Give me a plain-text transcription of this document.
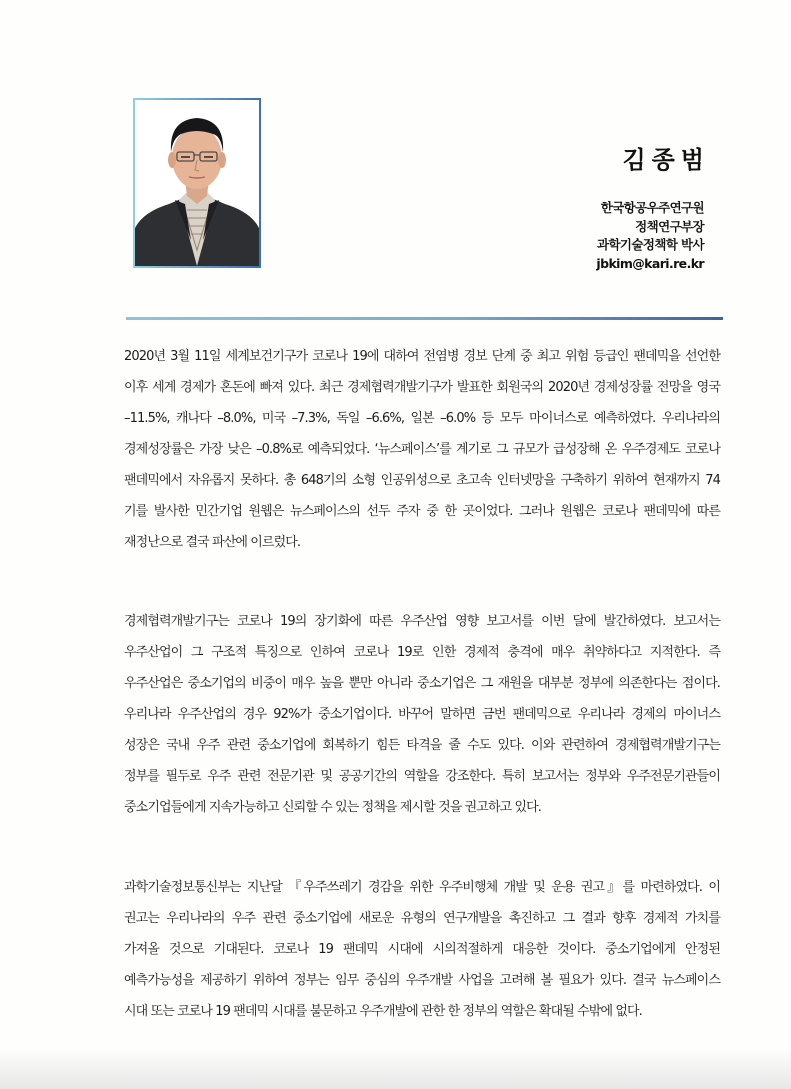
김종범
한국항공우주연구원
정책연구부장
과학기술정책학 박사
jbkim@kari.re.kr
2020년 3월 11일 세계보건기구가 코로나 19에 대하여 전염병 경보 단계 중 최고 위험 등급인 팬데믹을 선언한
이후 세계 경제가 혼돈에 빠져 있다. 최근 경제협력개발기구가 발표한 회원국의 2020년 경제성장률 전망을 영국
–11.5%, 캐나다 –8.0%, 미국 –7.3%, 독일 –6.6%, 일본 –6.0% 등 모두 마이너스로 예측하였다. 우리나라의
경제성장률은 가장 낮은 –0.8%로 예측되었다. ‘뉴스페이스’를 계기로 그 규모가 급성장해 온 우주경제도 코로나
팬데믹에서 자유롭지 못하다. 총 648기의 소형 인공위성으로 초고속 인터넷망을 구축하기 위하여 현재까지 74
기를 발사한 민간기업 원웹은 뉴스페이스의 선두 주자 중 한 곳이었다. 그러나 원웹은 코로나 팬데믹에 따른
재정난으로 결국 파산에 이르렀다.
경제협력개발기구는 코로나 19의 장기화에 따른 우주산업 영향 보고서를 이번 달에 발간하였다. 보고서는
우주산업이 그 구조적 특징으로 인하여 코로나 19로 인한 경제적 충격에 매우 취약하다고 지적한다. 즉
우주산업은 중소기업의 비중이 매우 높을 뿐만 아니라 중소기업은 그 재원을 대부분 정부에 의존한다는 점이다.
우리나라 우주산업의 경우 92%가 중소기업이다. 바꾸어 말하면 금번 팬데믹으로 우리나라 경제의 마이너스
성장은 국내 우주 관련 중소기업에 회복하기 힘든 타격을 줄 수도 있다. 이와 관련하여 경제협력개발기구는
정부를 필두로 우주 관련 전문기관 및 공공기간의 역할을 강조한다. 특히 보고서는 정부와 우주전문기관들이
중소기업들에게 지속가능하고 신뢰할 수 있는 정책을 제시할 것을 권고하고 있다.
과학기술정보통신부는 지난달 『우주쓰레기 경감을 위한 우주비행체 개발 및 운용 권고』를 마련하였다. 이
권고는 우리나라의 우주 관련 중소기업에 새로운 유형의 연구개발을 촉진하고 그 결과 향후 경제적 가치를
가져올 것으로 기대된다. 코로나 19 팬데믹 시대에 시의적절하게 대응한 것이다. 중소기업에게 안정된
예측가능성을 제공하기 위하여 정부는 임무 중심의 우주개발 사업을 고려해 볼 필요가 있다. 결국 뉴스페이스
시대 또는 코로나 19 팬데믹 시대를 불문하고 우주개발에 관한 한 정부의 역할은 확대될 수밖에 없다.
